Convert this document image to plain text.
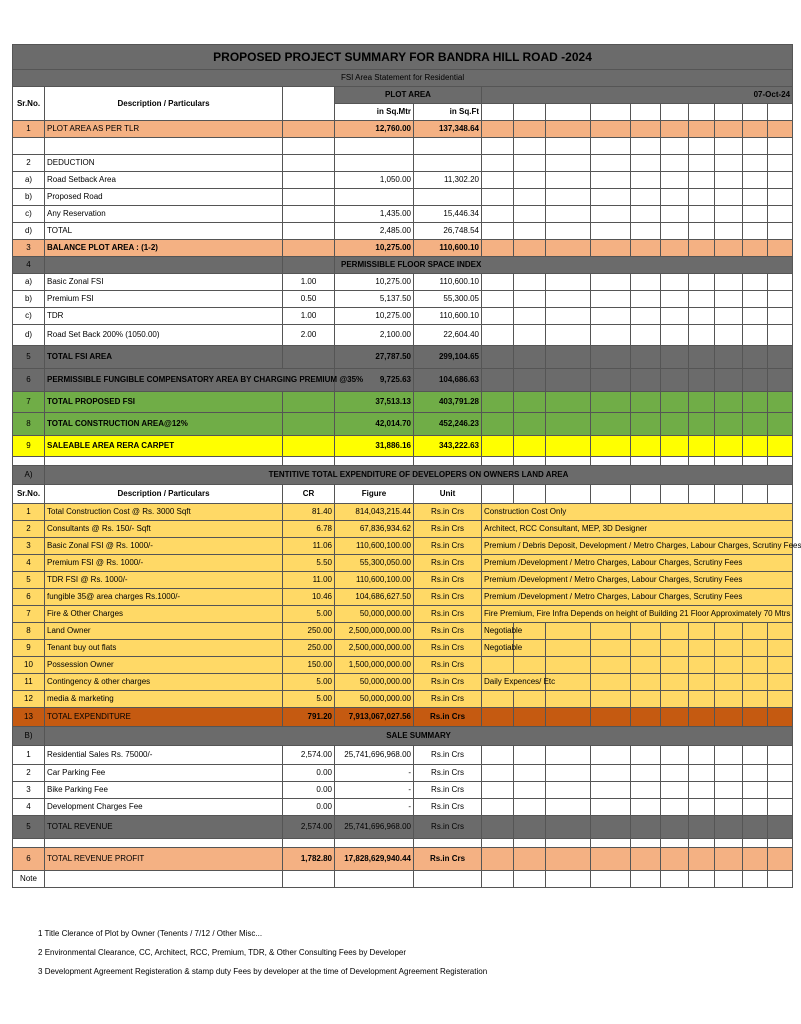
PROPOSED PROJECT SUMMARY FOR BANDRA HILL ROAD -2024														
FSI Area Statement for Residential														
Sr.No.	Description / Particulars		PLOT AREA		07-Oct-24									
			in Sq.Mtr	in Sq.Ft										
1	PLOT AREA AS PER TLR		12,760.00	137,348.64										

2	DEDUCTION													
a)	Road Setback Area		1,050.00	11,302.20										
b)	Proposed Road													
c)	Any Reservation		1,435.00	15,446.34										
d)	TOTAL		2,485.00	26,748.54										
3	BALANCE PLOT AREA : (1-2)		10,275.00	110,600.10										
4			PERMISSIBLE FLOOR SPACE INDEX											
a)	Basic Zonal FSI	1.00	10,275.00	110,600.10										
b)	Premium FSI	0.50	5,137.50	55,300.05										
c)	TDR	1.00	10,275.00	110,600.10										
d)	Road Set Back 200% (1050.00)	2.00	2,100.00	22,604.40										
5	TOTAL FSI AREA		27,787.50	299,104.65										
6	PERMISSIBLE FUNGIBLE COMPENSATORY AREA BY CHARGING PREMIUM @35%		9,725.63	104,686.63										
7	TOTAL PROPOSED FSI		37,513.13	403,791.28										
8	TOTAL CONSTRUCTION AREA@12%		42,014.70	452,246.23										
9	SALEABLE AREA RERA CARPET		31,886.16	343,222.63										

A)	TENTITIVE TOTAL EXPENDITURE OF DEVELOPERS ON OWNERS LAND AREA													
Sr.No.	Description / Particulars	CR	Figure	Unit										
1	Total Construction Cost @ Rs. 3000 Sqft	81.40	814,043,215.44	Rs.in Crs	Construction Cost Only									
2	Consultants @ Rs. 150/- Sqft	6.78	67,836,934.62	Rs.in Crs	Architect, RCC Consultant, MEP, 3D Designer									
3	Basic Zonal FSI @ Rs. 1000/-	11.06	110,600,100.00	Rs.in Crs	Premium / Debris Deposit, Development / Metro Charges, Labour Charges, Scrutiny Fees									
4	Premium FSI @ Rs. 1000/-	5.50	55,300,050.00	Rs.in Crs	Premium /Development / Metro Charges, Labour Charges, Scrutiny Fees									
5	TDR FSI @ Rs. 1000/-	11.00	110,600,100.00	Rs.in Crs	Premium /Development / Metro Charges, Labour Charges, Scrutiny Fees									
6	fungible 35@ area charges Rs.1000/-	10.46	104,686,627.50	Rs.in Crs	Premium /Development / Metro Charges, Labour Charges, Scrutiny Fees									
7	Fire & Other Charges	5.00	50,000,000.00	Rs.in Crs	Fire Premium, Fire Infra Depends on height of Building 21 Floor Approximately 70 Mtrs									
8	Land Owner	250.00	2,500,000,000.00	Rs.in Crs	Negotiable									
9	Tenant buy out flats	250.00	2,500,000,000.00	Rs.in Crs	Negotiable									
10	Possession Owner	150.00	1,500,000,000.00	Rs.in Crs										
11	Contingency & other charges	5.00	50,000,000.00	Rs.in Crs	Daily Expences/ Etc									
12	media & marketing	5.00	50,000,000.00	Rs.in Crs										
13	TOTAL EXPENDITURE	791.20	7,913,067,027.56	Rs.in Crs										
B)	SALE SUMMARY													
1	Residential Sales Rs. 75000/-	2,574.00	25,741,696,968.00	Rs.in Crs										
2	Car Parking Fee	0.00	-	Rs.in Crs										
3	Bike Parking Fee	0.00	-	Rs.in Crs										
4	Development Charges Fee	0.00	-	Rs.in Crs										
5	TOTAL REVENUE	2,574.00	25,741,696,968.00	Rs.in Crs										

6	TOTAL REVENUE PROFIT	1,782.80	17,828,629,940.44	Rs.in Crs										
Note														
1 Title Clerance of Plot by Owner (Tenents / 7/12 / Other Misc...
2 Environmental Clearance, CC, Architect, RCC, Premium, TDR, & Other Consulting Fees by Developer
3 Development Agreement Registeration & stamp duty Fees by developer at the time of Development Agreement Registeration
